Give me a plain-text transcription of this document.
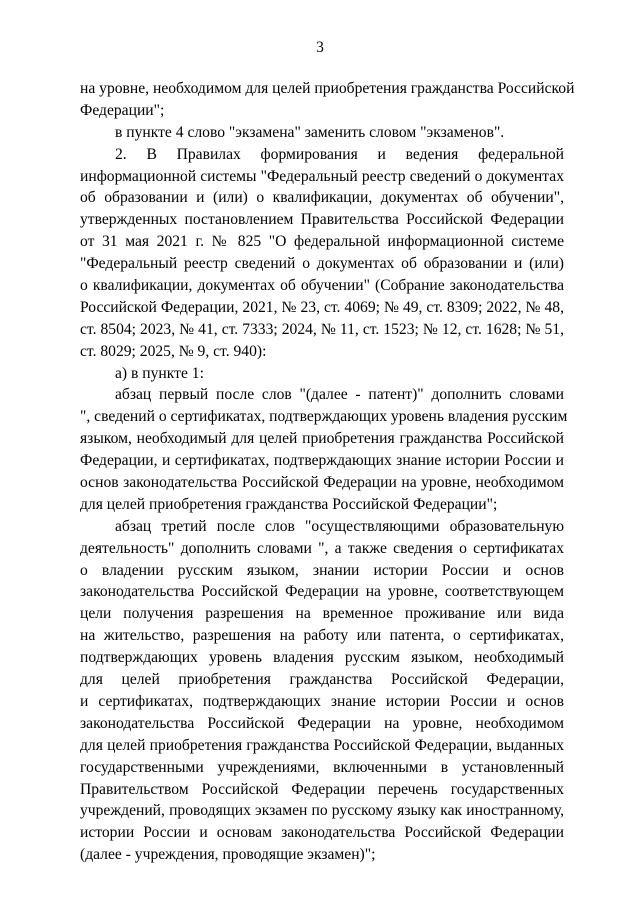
3
на уровне, необходимом для целей приобретения гражданства Российской
Федерации";
в пункте 4 слово "экзамена" заменить словом "экзаменов".
2. В Правилах формирования и ведения федеральной
информационной системы "Федеральный реестр сведений о документах
об образовании и (или) о квалификации, документах об обучении",
утвержденных постановлением Правительства Российской Федерации
от 31 мая 2021 г. № 825 "О федеральной информационной системе
"Федеральный реестр сведений о документах об образовании и (или)
о квалификации, документах об обучении" (Собрание законодательства
Российской Федерации, 2021, № 23, ст. 4069; № 49, ст. 8309; 2022, № 48,
ст. 8504; 2023, № 41, ст. 7333; 2024, № 11, ст. 1523; № 12, ст. 1628; № 51,
ст. 8029; 2025, № 9, ст. 940):
а) в пункте 1:
абзац первый после слов "(далее - патент)" дополнить словами
", сведений о сертификатах, подтверждающих уровень владения русским
языком, необходимый для целей приобретения гражданства Российской
Федерации, и сертификатах, подтверждающих знание истории России и
основ законодательства Российской Федерации на уровне, необходимом
для целей приобретения гражданства Российской Федерации";
абзац третий после слов "осуществляющими образовательную
деятельность" дополнить словами ", а также сведения о сертификатах
о владении русским языком, знании истории России и основ
законодательства Российской Федерации на уровне, соответствующем
цели получения разрешения на временное проживание или вида
на жительство, разрешения на работу или патента, о сертификатах,
подтверждающих уровень владения русским языком, необходимый
для целей приобретения гражданства Российской Федерации,
и сертификатах, подтверждающих знание истории России и основ
законодательства Российской Федерации на уровне, необходимом
для целей приобретения гражданства Российской Федерации, выданных
государственными учреждениями, включенными в установленный
Правительством Российской Федерации перечень государственных
учреждений, проводящих экзамен по русскому языку как иностранному,
истории России и основам законодательства Российской Федерации
(далее - учреждения, проводящие экзамен)";
